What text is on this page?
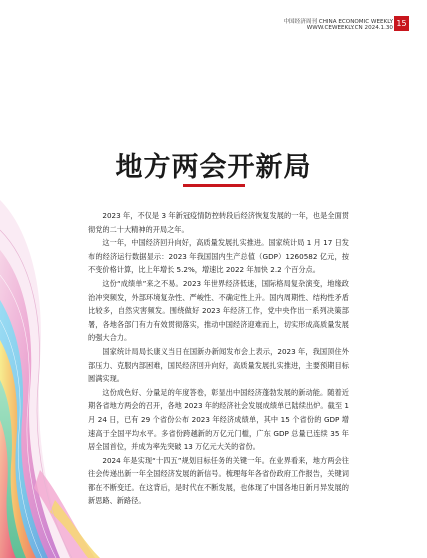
中国经济周刊 CHINA ECONOMIC WEEKLY
WWW.CEWEEKLY.CN 2024.1.30 15
地方两会开新局

2023 年，不仅是 3 年新冠疫情防控转段后经济恢复发展的一年，也是全面贯彻党的二十大精神的开局之年。

这一年，中国经济回升向好，高质量发展扎实推进。国家统计局 1 月 17 日发布的经济运行数据显示：2023 年我国国内生产总值（GDP）1260582 亿元，按不变价格计算，比上年增长 5.2%，增速比 2022 年加快 2.2 个百分点。

这份“成绩单”来之不易。2023 年世界经济低迷，国际格局复杂演变，地缘政治冲突频发，外部环境复杂性、严峻性、不确定性上升。国内周期性、结构性矛盾比较多，自然灾害频发。围绕做好 2023 年经济工作，党中央作出一系列决策部署，各地各部门有力有效贯彻落实，推动中国经济迎难而上，切实形成高质量发展的强大合力。

国家统计局局长康义当日在国新办新闻发布会上表示，2023 年，我国顶住外部压力、克服内部困难，国民经济回升向好，高质量发展扎实推进，主要预期目标圆满实现。

这份成色好、分量足的年度答卷，彰显出中国经济蓬勃发展的新动能。随着近期各省地方两会的召开，各地 2023 年的经济社会发展成绩单已陆续出炉。截至 1 月 24 日，已有 29 个省份公布 2023 年经济成绩单，其中 15 个省份的 GDP 增速高于全国平均水平。多省份跨越新的万亿元门槛，广东 GDP 总量已连续 35 年居全国首位，并成为率先突破 13 万亿元大关的省份。

2024 年是实现“十四五”规划目标任务的关键一年。在业界看来，地方两会往往会传递出新一年全国经济发展的新信号。梳理每年各省份政府工作报告，关键词都在不断变迁。在这背后，是时代在不断发展，也体现了中国各地日新月异发展的新思路、新路径。
